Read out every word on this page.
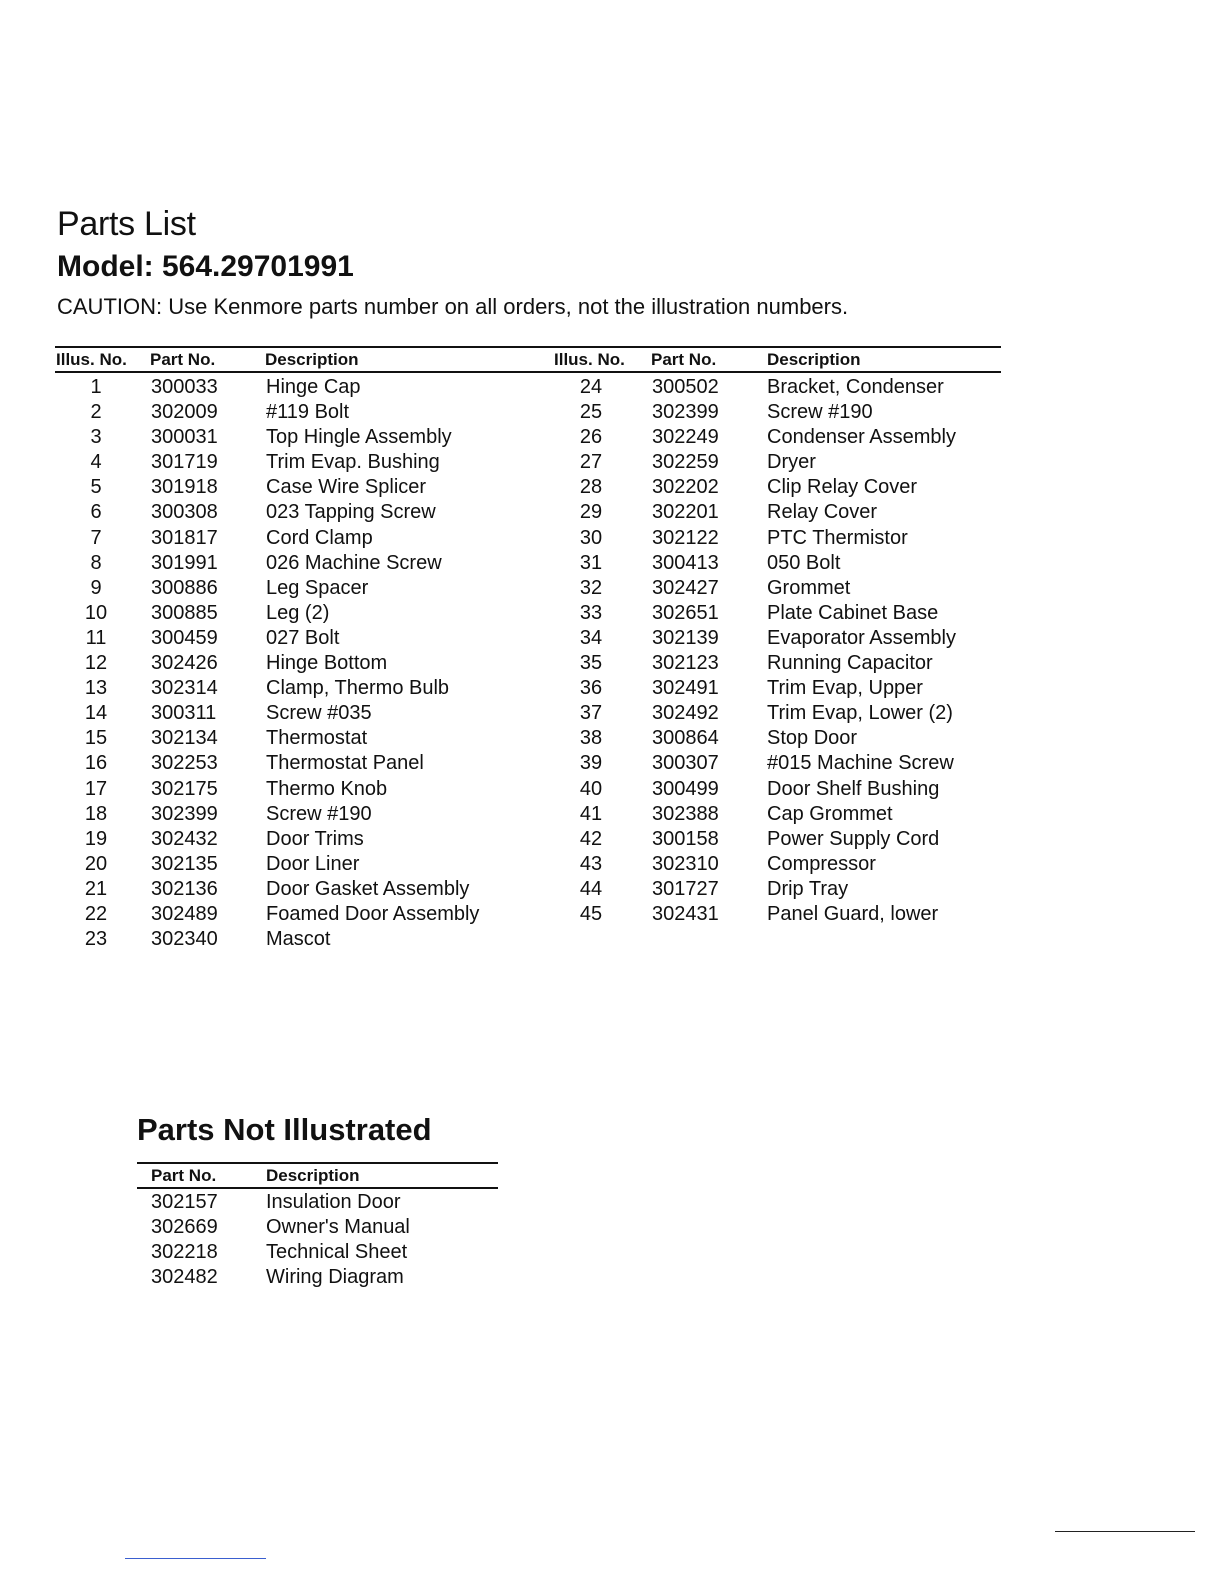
Parts List
Model: 564.29701991

CAUTION: Use Kenmore parts number on all orders, not the illustration numbers.

Illus. No. Part No.	Description	Illus. No. Part No.	Description
1	300033 Hinge Cap	24	300502 Bracket, Condenser
2	302009 #119 Bolt	25	302399 Screw #190
3	300031 Top Hingle Assembly	26	302249 Condenser Assembly
4	301719 Trim Evap. Bushing	27	302259 Dryer
5	301918 Case Wire Splicer	28	302202 Clip Relay Cover
6	300308 023 Tapping Screw	29	302201 Relay Cover
7	301817 Cord Clamp	30	302122 PTC Thermistor
8	301991 026 Machine Screw	31	300413 050 Bolt
9	300886 Leg Spacer	32	302427 Grommet
10	300885 Leg (2)	33	302651 Plate Cabinet Base
11	300459 027 Bolt	34	302139 Evaporator Assembly
12	302426 Hinge Bottom	35	302123 Running Capacitor
13	302314 Clamp, Thermo Bulb	36	302491 Trim Evap, Upper
14	300311 Screw #035	37	302492 Trim Evap, Lower (2)
15	302134 Thermostat	38	300864 Stop Door
16	302253 Thermostat Panel	39	300307 #015 Machine Screw
17	302175 Thermo Knob	40	300499 Door Shelf Bushing
18	302399 Screw #190	41	302388 Cap Grommet
19	302432 Door Trims	42	300158 Power Supply Cord
20	302135 Door Liner	43	302310 Compressor
21	302136 Door Gasket Assembly	44	301727 Drip Tray
22	302489 Foamed Door Assembly	45	302431 Panel Guard, lower
23	302340 Mascot
Parts Not Illustrated
Part No.	Description
302157 Insulation Door
302669 Owner's Manual
302218 Technical Sheet
302482 Wiring Diagram
